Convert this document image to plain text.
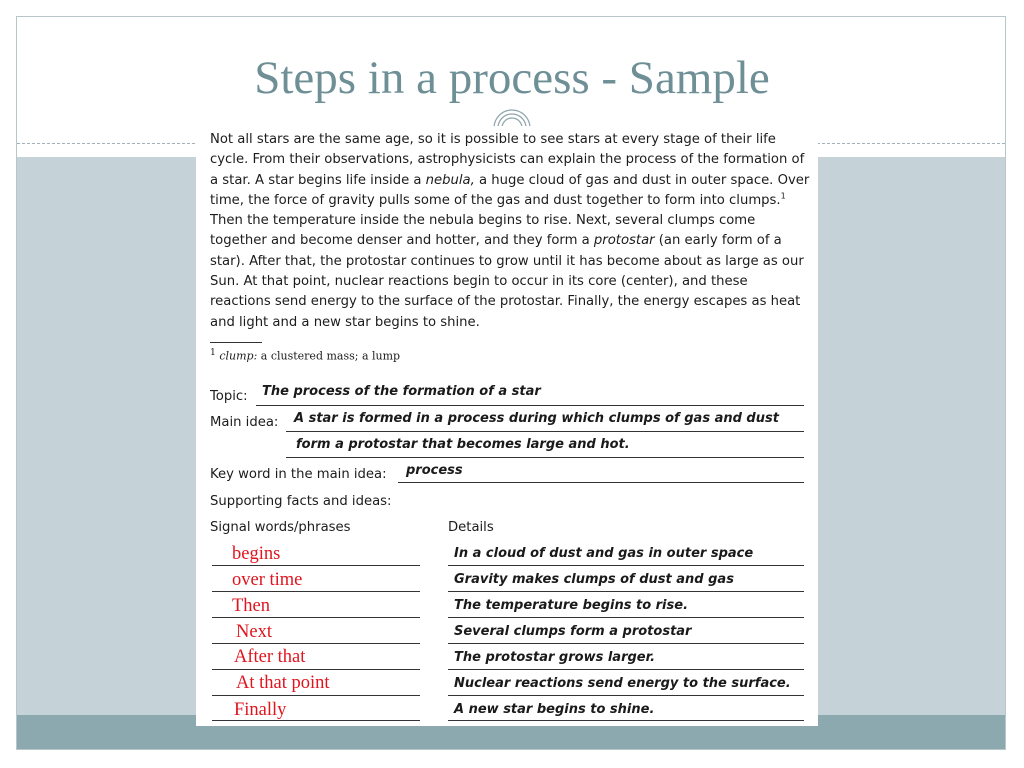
Steps in a process - Sample

Not all stars are the same age, so it is possible to see stars at every stage of their life cycle. From their observations, astrophysicists can explain the process of the formation of a star. A star begins life inside a nebula, a huge cloud of gas and dust in outer space. Over time, the force of gravity pulls some of the gas and dust together to form into clumps.$^1$ Then the temperature inside the nebula begins to rise. Next, several clumps come together and become denser and hotter, and they form a protostar (an early form of a star). After that, the protostar continues to grow until it has become about as large as our Sun. At that point, nuclear reactions begin to occur in its core (center), and these reactions send energy to the surface of the protostar. Finally, the energy escapes as heat and light and a new star begins to shine.

$^1$ clump: a clustered mass; a lump

Topic: The process of the formation of a star
Main idea: A star is formed in a process during which clumps of gas and dust
form a protostar that becomes large and hot.
Key word in the main idea: process
Supporting facts and ideas:
Signal words/phrases	Details
begins	In a cloud of dust and gas in outer space
over time	Gravity makes clumps of dust and gas
Then	The temperature begins to rise.
Next	Several clumps form a protostar
After that	The protostar grows larger.
At that point	Nuclear reactions send energy to the surface.
Finally	A new star begins to shine.
